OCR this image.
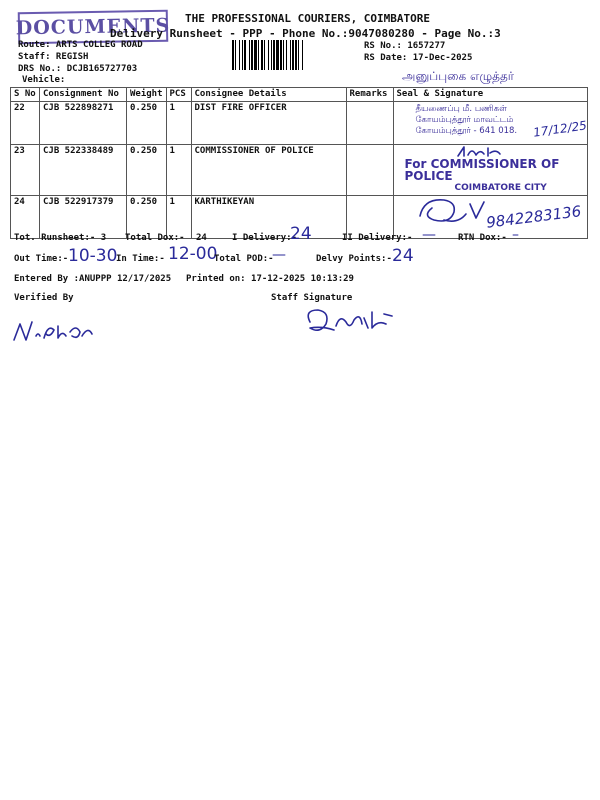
DOCUMENTS THE PROFESSIONAL COURIERS, COIMBATORE
Delivery Runsheet - PPP - Phone No.:9047080280 - Page No.:3
Route: ARTS COLLEG ROAD
Staff: REGISH
DRS No.: DCJB165727703
Vehicle:
RS No.: 1657277
RS Date: 17-Dec-2025
அனுப்புகை எழுத்தர்
S No	Consignment No	Weight	PCS	Consignee Details	Remarks	Seal & Signature
22	CJB 522898271	0.250	1	DIST FIRE OFFICER		தீயணைப்பு மீ. பணிகள்
கோயம்புத்தூர் மாவட்டம்
கோயம்புத்தூர் - 641 018. 17/12/25

23	CJB 522338489	0.250	1	COMMISSIONER OF POLICE		For COMMISSIONER OF POLICE
COIMBATORE CITY

24	CJB 522917379	0.250	1	KARTHIKEYAN		9842283136
Tot. Runsheet:- 3 Total Dox:- 24	I Delivery:-
24	II Delivery:- — RTN Dox:- –
Out Time:- 10-30
In Time:- 12-00
Total POD:-
—	Delvy Points:- 24
Entered By :ANUPPP 12/17/2025 Printed on: 17-12-2025 10:13:29
Verified By	Staff Signature
